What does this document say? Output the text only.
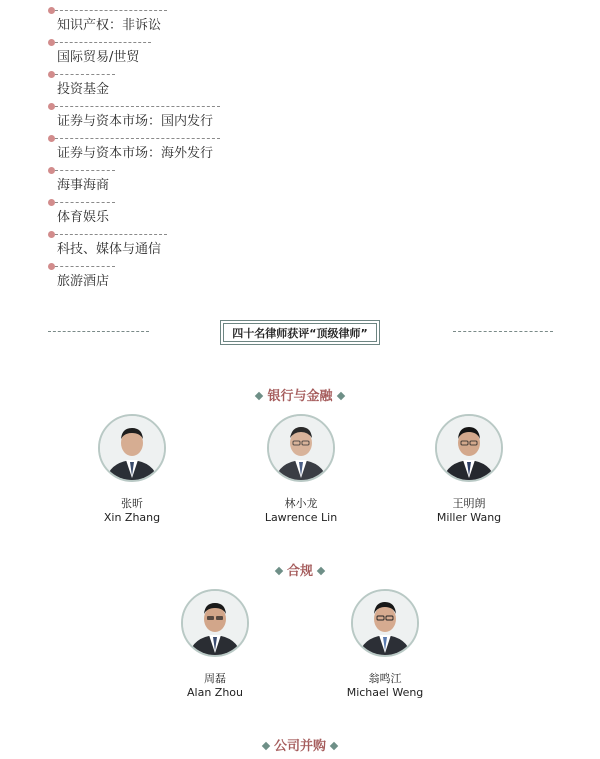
知识产权：非诉讼
国际贸易/世贸
投资基金
证券与资本市场：国内发行
证券与资本市场：海外发行
海事海商
体育娱乐
科技、媒体与通信
旅游酒店
四十名律师获评“顶级律师”
银行与金融
张昕
Xin Zhang
林小龙
Lawrence Lin
王明朗
Miller Wang
合规
周磊
Alan Zhou
翁鸣江
Michael Weng
公司并购
